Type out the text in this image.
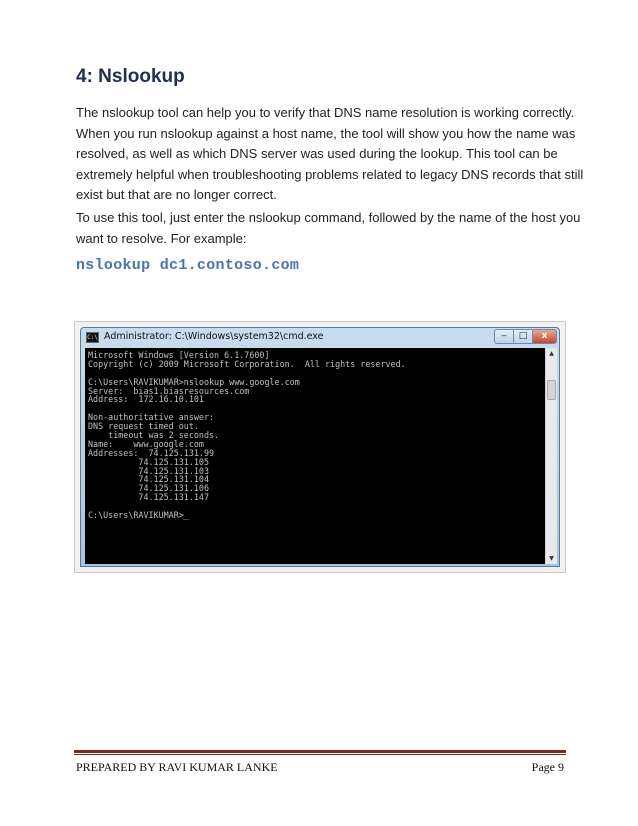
4: Nslookup

The nslookup tool can help you to verify that DNS name resolution is working correctly.
When you run nslookup against a host name, the tool will show you how the name was
resolved, as well as which DNS server was used during the lookup. This tool can be
extremely helpful when troubleshooting problems related to legacy DNS records that still
exist but that are no longer correct.

To use this tool, just enter the nslookup command, followed by the name of the host you
want to resolve. For example:

nslookup dc1.contoso.com
C:\ Administrator: C:\Windows\system32\cmd.exe	‒	□	x
Microsoft Windows [Version 6.1.7600]
Copyright (c) 2009 Microsoft Corporation.  All rights reserved.
C:\Users\RAVIKUMAR>nslookup www.google.com
Server:  bias1.biasresources.com
Address:  172.16.10.101
Non-authoritative answer:
DNS request timed out.
timeout was 2 seconds.
Name:    www.google.com
Addresses:  74.125.131.99
74.125.131.105
74.125.131.103
74.125.131.104
74.125.131.106
74.125.131.147
C:\Users\RAVIKUMAR>_
▲
▼
PREPARED BY RAVI KUMAR LANKE	Page 9
